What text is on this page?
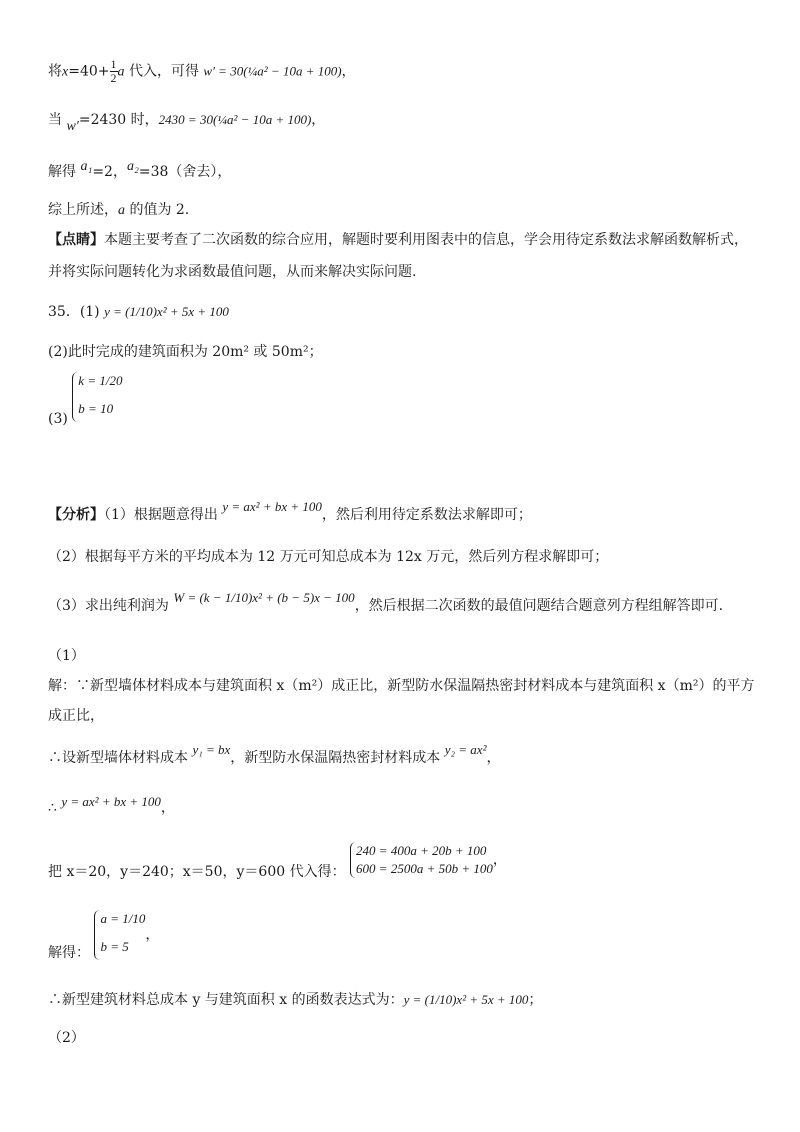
将$x=40+ \frac{1}{2}$ a 代入，可得 w′ = 30(¼a² − 10a + 100)，
当 w′=2430 时，2430 = 30(¼a² − 10a + 100)，
解得 a₁=2，a₂=38（舍去），
综上所述，a 的值为 2.
【点睛】本题主要考查了二次函数的综合应用，解题时要利用图表中的信息，学会用待定系数法求解函数解析式，
并将实际问题转化为求函数最值问题，从而来解决实际问题.
35．(1) y = (1/10)x² + 5x + 100
(2)此时完成的建筑面积为 20m² 或 50m²；
(3)
k = 1/20
b = 10
【分析】（1）根据题意得出 y = ax² + bx + 100，然后利用待定系数法求解即可；
（2）根据每平方米的平均成本为 12 万元可知总成本为 12x 万元，然后列方程求解即可；
（3）求出纯利润为 W = (k − 1/10)x² + (b − 5)x − 100，然后根据二次函数的最值问题结合题意列方程组解答即可.
（1）
解：∵新型墙体材料成本与建筑面积 x（m²）成正比，新型防水保温隔热密封材料成本与建筑面积 x（m²）的平方
成正比，
∴设新型墙体材料成本 y₁ = bx，新型防水保温隔热密封材料成本 y₂ = ax²，
∴ y = ax² + bx + 100，
把 x＝20，y＝240；x＝50，y＝600 代入得：
240 = 400a + 20b + 100
600 = 2500a + 50b + 100
，
解得：
a = 1/10
b = 5
，
∴新型建筑材料总成本 y 与建筑面积 x 的函数表达式为：y = (1/10)x² + 5x + 100；
（2）
